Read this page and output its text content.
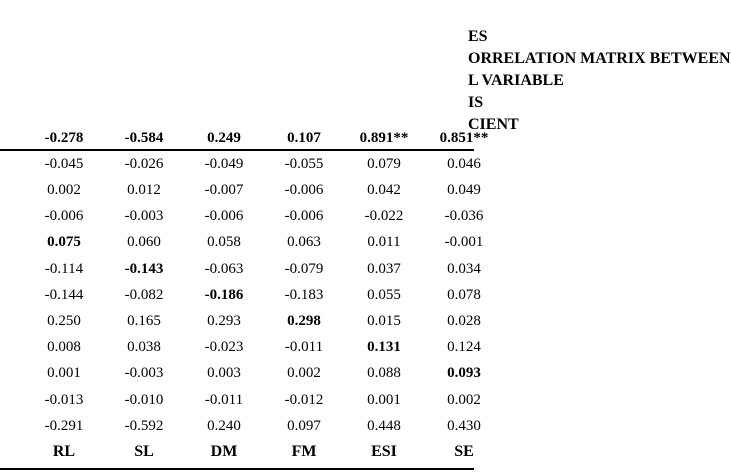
SE
ESI
FM
DM
SL
RL
0.430
0.448
0.097
0.240
-0.592
-0.291
0.002
0.001
-0.012
-0.011
-0.010
-0.013
0.093
0.088
0.002
0.003
-0.003
0.001
0.124
0.131
-0.011
-0.023
0.038
0.008
0.028
0.015
0.298
0.293
0.165
0.250
0.078
0.055
-0.183
-0.186
-0.082
-0.144
0.034
0.037
-0.079
-0.063
-0.143
-0.114
-0.001
0.011
0.063
0.058
0.060
0.075
-0.036
-0.022
-0.006
-0.006
-0.003
-0.006
0.049
0.042
-0.006
-0.007
0.012
0.002
0.046
0.079
-0.055
-0.049
-0.026
-0.045
0.851**
0.891**
0.107
0.249
-0.584
-0.278
CIENT
IS
L VARIABLE
ORRELATION MATRIX BETWEEN
ES
